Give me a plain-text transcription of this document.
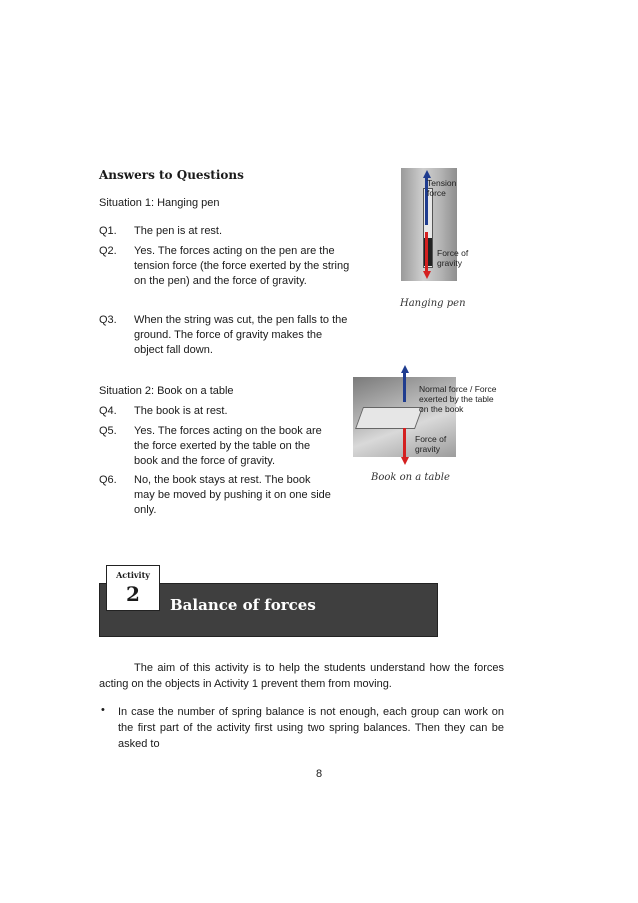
Answers to Questions
Situation 1: Hanging pen
Q1. The pen is at rest.
Q2. Yes. The forces acting on the pen are the
tension force (the force exerted by the string
on the pen) and the force of gravity.
Q3. When the string was cut, the pen falls to the
ground. The force of gravity makes the
object fall down.
Tension
force
Force of
gravity
Hanging pen
Situation 2: Book on a table
Q4. The book is at rest.
Q5. Yes. The forces acting on the book are
the force exerted by the table on the
book and the force of gravity.
Q6. No, the book stays at rest. The book
may be moved by pushing it on one side
only.
Normal force / Force
exerted by the table
on the book
Force of
gravity
Book on a table
Activity
2	Balance of forces
The aim of this activity is to help the students understand how the forces acting on the objects in Activity 1 prevent them from moving.
• In case the number of spring balance is not enough, each group can work on the first part of the activity first using two spring balances. Then they can be asked to
8
